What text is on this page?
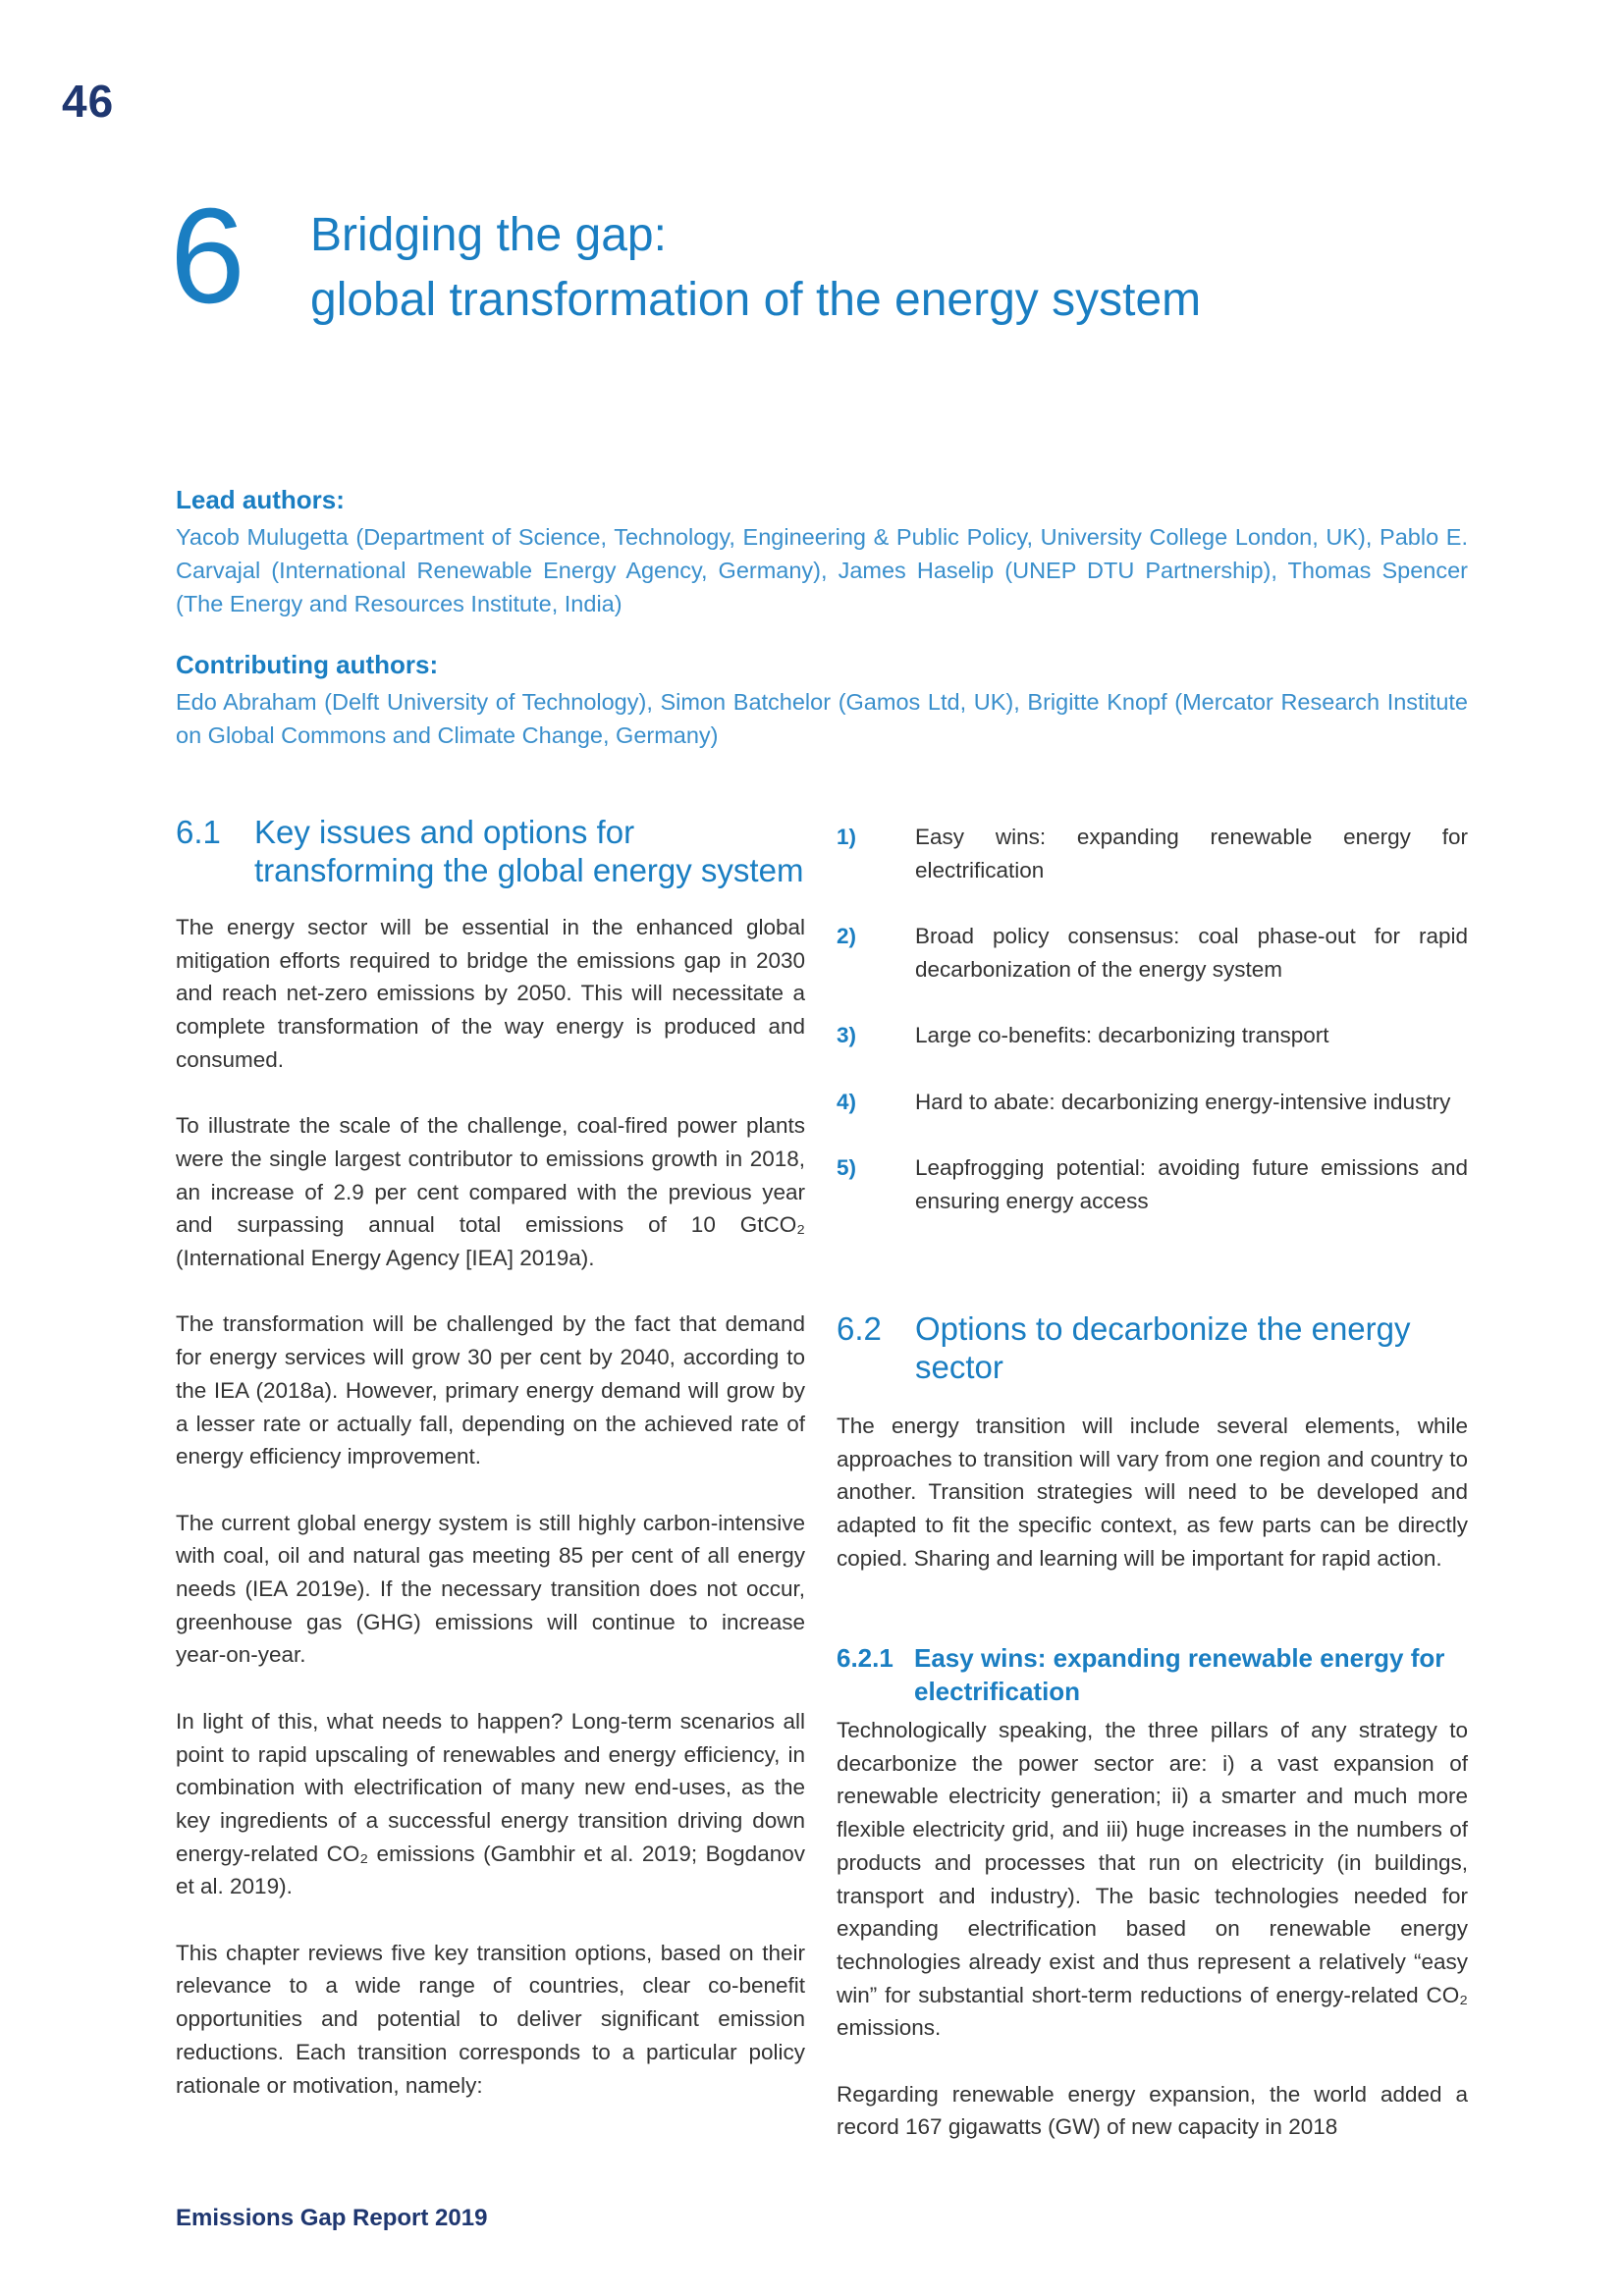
46
6 Bridging the gap:
global transformation of the energy system
Lead authors:
Yacob Mulugetta (Department of Science, Technology, Engineering & Public Policy, University College London, UK), Pablo E. Carvajal (International Renewable Energy Agency, Germany), James Haselip (UNEP DTU Partnership), Thomas Spencer (The Energy and Resources Institute, India)
Contributing authors:
Edo Abraham (Delft University of Technology), Simon Batchelor (Gamos Ltd, UK), Brigitte Knopf (Mercator Research Institute on Global Commons and Climate Change, Germany)
6.1	Key issues and options for transforming the global energy system

The energy sector will be essential in the enhanced global mitigation efforts required to bridge the emissions gap in 2030 and reach net-zero emissions by 2050. This will necessitate a complete transformation of the way energy is produced and consumed.

To illustrate the scale of the challenge, coal-fired power plants were the single largest contributor to emissions growth in 2018, an increase of 2.9 per cent compared with the previous year and surpassing annual total emissions of 10 GtCO₂ (International Energy Agency [IEA] 2019a).

The transformation will be challenged by the fact that demand for energy services will grow 30 per cent by 2040, according to the IEA (2018a). However, primary energy demand will grow by a lesser rate or actually fall, depending on the achieved rate of energy efficiency improvement.

The current global energy system is still highly carbon-intensive with coal, oil and natural gas meeting 85 per cent of all energy needs (IEA 2019e). If the necessary transition does not occur, greenhouse gas (GHG) emissions will continue to increase year-on-year.

In light of this, what needs to happen? Long-term scenarios all point to rapid upscaling of renewables and energy efficiency, in combination with electrification of many new end-uses, as the key ingredients of a successful energy transition driving down energy-related CO₂ emissions (Gambhir et al. 2019; Bogdanov et al. 2019).

This chapter reviews five key transition options, based on their relevance to a wide range of countries, clear co-benefit opportunities and potential to deliver significant emission reductions. Each transition corresponds to a particular policy rationale or motivation, namely:

1)	Easy wins: expanding renewable energy for electrification
2)	Broad policy consensus: coal phase-out for rapid decarbonization of the energy system
3)	Large co-benefits: decarbonizing transport
4)	Hard to abate: decarbonizing energy-intensive industry
5)	Leapfrogging potential: avoiding future emissions and ensuring energy access
6.2	Options to decarbonize the energy sector

The energy transition will include several elements, while approaches to transition will vary from one region and country to another. Transition strategies will need to be developed and adapted to fit the specific context, as few parts can be directly copied. Sharing and learning will be important for rapid action.

6.2.1 Easy wins: expanding renewable energy for electrification

Technologically speaking, the three pillars of any strategy to decarbonize the power sector are: i) a vast expansion of renewable electricity generation; ii) a smarter and much more flexible electricity grid, and iii) huge increases in the numbers of products and processes that run on electricity (in buildings, transport and industry). The basic technologies needed for expanding electrification based on renewable energy technologies already exist and thus represent a relatively “easy win” for substantial short-term reductions of energy-related CO₂ emissions.

Regarding renewable energy expansion, the world added a record 167 gigawatts (GW) of new capacity in 2018

Emissions Gap Report 2019
